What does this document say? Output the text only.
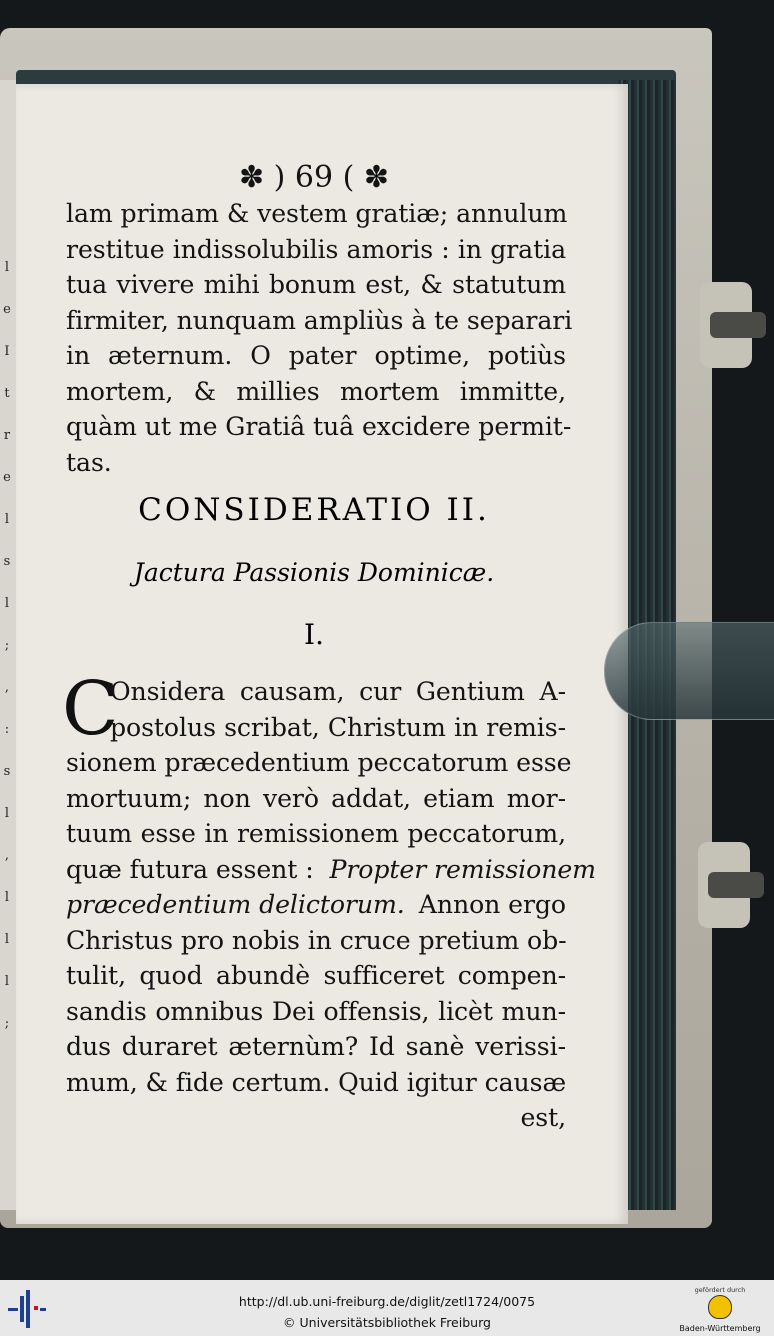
l
e
I
t
r
e
l
s
l
;
,
:
s
l
,
l
l
l
;
✽ ) 69 ( ✽
lam primam & vestem gratiæ; annulum
restitue indissolubilis amoris : in gratia
tua vivere mihi bonum est, & statutum
firmiter, nunquam ampliùs à te separari
in æternum. O pater optime, potiùs
mortem, & millies mortem immitte,
quàm ut me Gratiâ tuâ excidere permit-
tas.
CONSIDERATIO II.
Jactura Passionis Dominicæ.
I.
C
Onsidera causam, cur Gentium A-
postolus scribat, Christum in remis-
sionem præcedentium peccatorum esse
mortuum; non verò addat, etiam mor-
tuum esse in remissionem peccatorum,
quæ futura essent : Propter remissionem
præcedentium delictorum. Annon ergo
Christus pro nobis in cruce pretium ob-
tulit, quod abundè sufficeret compen-
sandis omnibus Dei offensis, licèt mun-
dus duraret æternùm? Id sanè verissi-
mum, & fide certum. Quid igitur causæ
est,
http://dl.ub.uni-freiburg.de/diglit/zetl1724/0075
© Universitätsbibliothek Freiburg
gefördert durch
Baden-Württemberg
